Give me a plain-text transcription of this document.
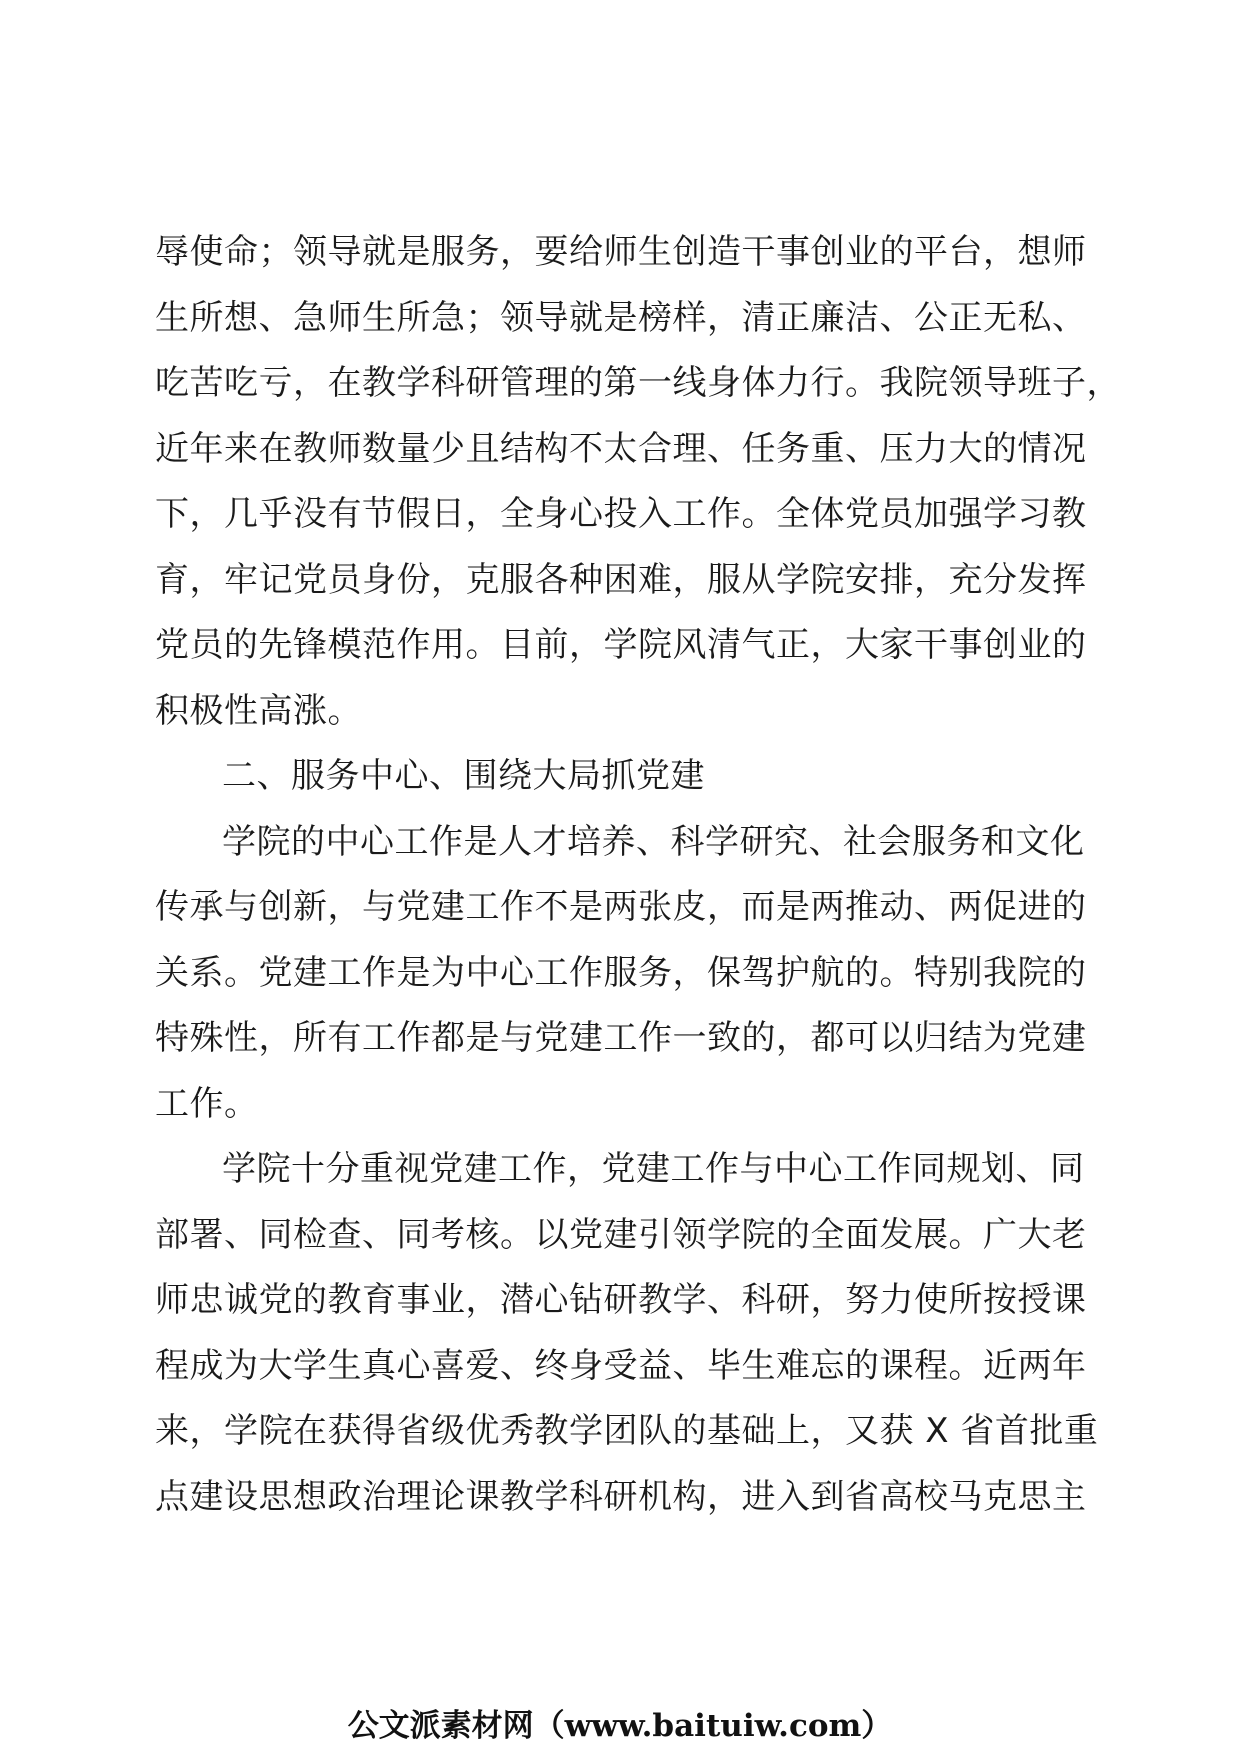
辱使命；领导就是服务，要给师生创造干事创业的平台，想师
生所想、急师生所急；领导就是榜样，清正廉洁、公正无私、
吃苦吃亏，在教学科研管理的第一线身体力行。我院领导班子，
近年来在教师数量少且结构不太合理、任务重、压力大的情况
下，几乎没有节假日，全身心投入工作。全体党员加强学习教
育，牢记党员身份，克服各种困难，服从学院安排，充分发挥
党员的先锋模范作用。目前，学院风清气正，大家干事创业的
积极性高涨。
二、服务中心、围绕大局抓党建
学院的中心工作是人才培养、科学研究、社会服务和文化
传承与创新，与党建工作不是两张皮，而是两推动、两促进的
关系。党建工作是为中心工作服务，保驾护航的。特别我院的
特殊性，所有工作都是与党建工作一致的，都可以归结为党建
工作。
学院十分重视党建工作，党建工作与中心工作同规划、同
部署、同检查、同考核。以党建引领学院的全面发展。广大老
师忠诚党的教育事业，潜心钻研教学、科研，努力使所按授课
程成为大学生真心喜爱、终身受益、毕生难忘的课程。近两年
来，学院在获得省级优秀教学团队的基础上，又获 X 省首批重
点建设思想政治理论课教学科研机构，进入到省高校马克思主
公文派素材网（www.baituiw.com）
